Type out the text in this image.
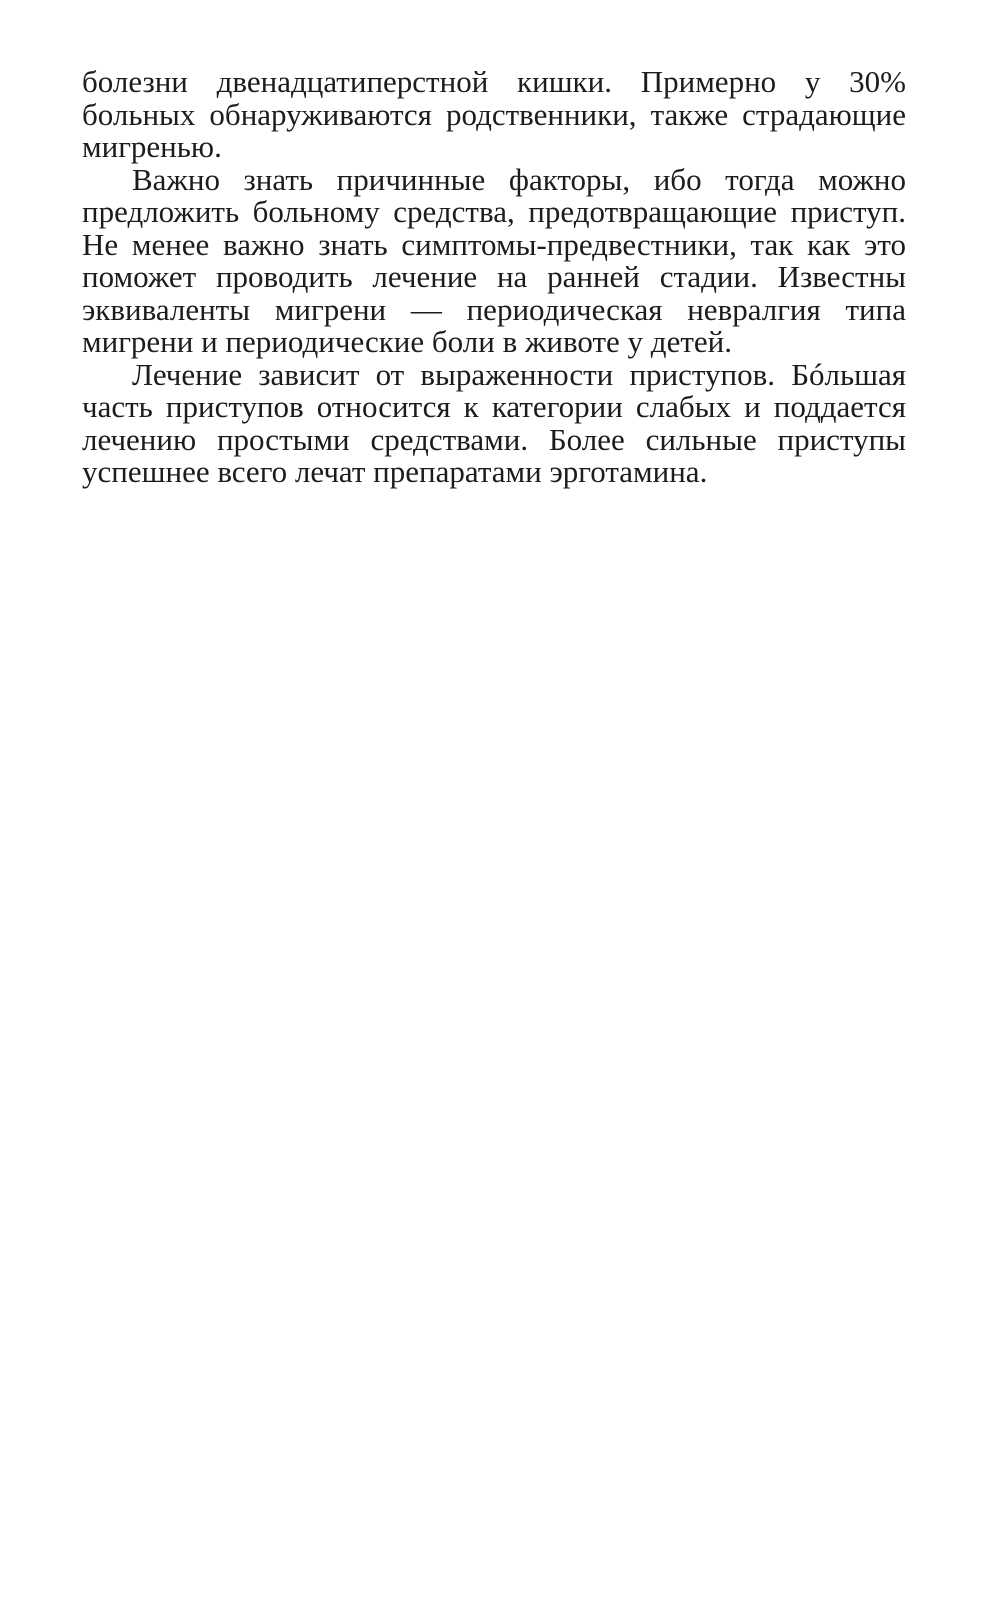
болезни двенадцатиперстной кишки. Примерно у 30% больных обнаруживаются родственники, также страдающие мигренью.

Важно знать причинные факторы, ибо тогда можно предложить больному средства, предотвращающие приступ. Не менее важно знать симптомы-предвестники, так как это поможет проводить лечение на ранней стадии. Известны эквиваленты мигрени — периодическая невралгия типа мигрени и периодические боли в животе у детей.

Лечение зависит от выраженности приступов. Бóльшая часть приступов относится к категории слабых и поддается лечению простыми средствами. Более сильные приступы успешнее всего лечат препаратами эрготамина.
